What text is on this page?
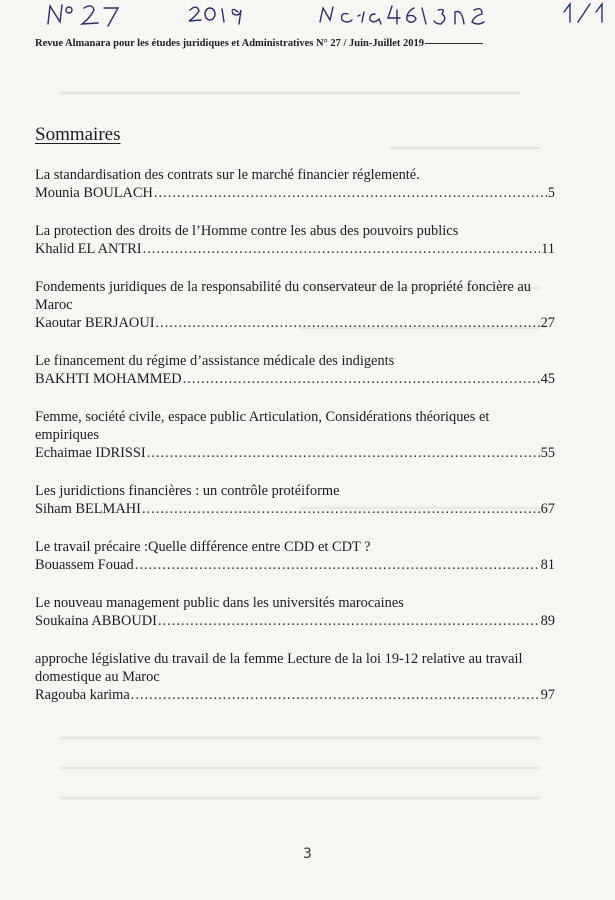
Revue Almanara pour les études juridiques et Administratives N° 27 / Juin-Juillet 2019
Sommaires
La standardisation des contrats sur le marché financier réglementé.
Mounia BOULACH .....	5
La protection des droits de l’Homme contre les abus des pouvoirs publics
Khalid EL ANTRI .....	11
Fondements juridiques de la responsabilité du conservateur de la propriété foncière au Maroc
Kaoutar BERJAOUI .....	27
Le financement du régime d’assistance médicale des indigents
BAKHTI MOHAMMED .....	45
Femme, société civile, espace public Articulation, Considérations théoriques et empiriques
Echaimae IDRISSI .....	55
Les juridictions financières : un contrôle protéiforme
Siham BELMAHI .....	67
Le travail précaire :Quelle différence entre CDD et CDT ?
Bouassem Fouad .....	81
Le nouveau management public dans les universités marocaines
Soukaina ABBOUDI .....	89
approche législative du travail de la femme Lecture de la loi 19-12 relative au travail domestique au Maroc
Ragouba karima .....	97
3
